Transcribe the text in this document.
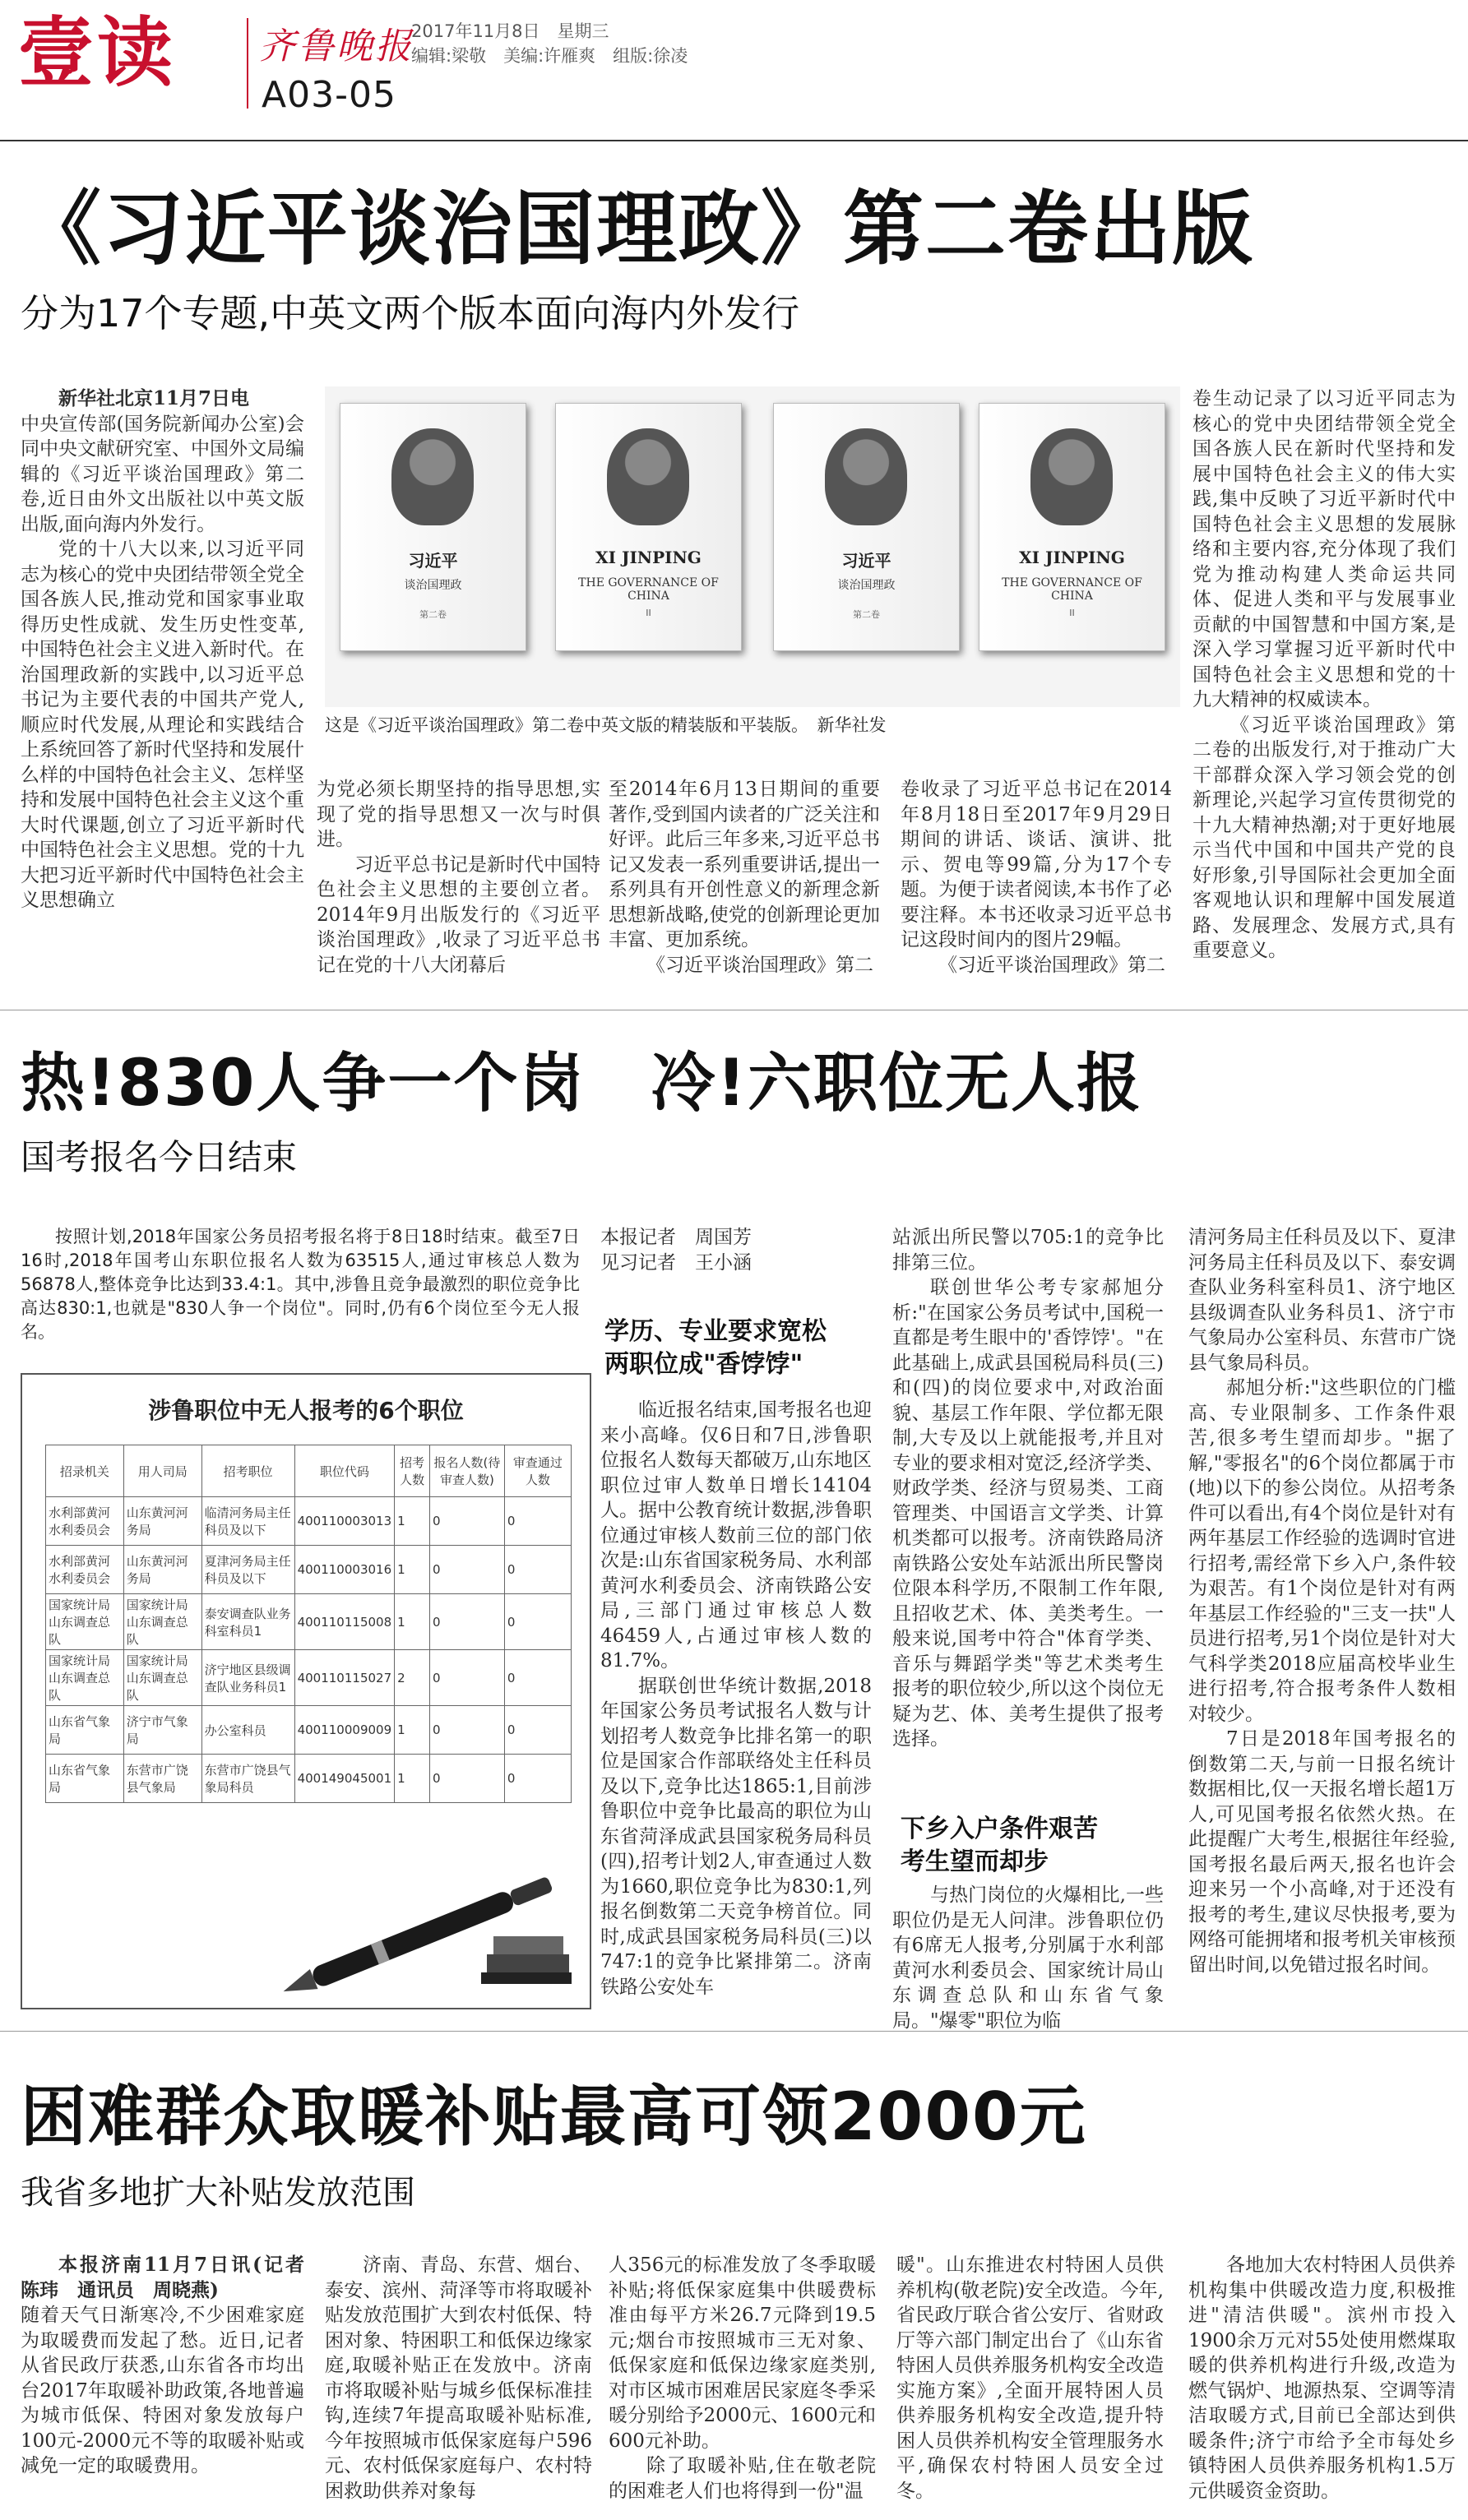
壹读 齐鲁晚报
A03-05
2017年11月8日　星期三
编辑:梁敬　美编:许雁爽　组版:徐凌
《习近平谈治国理政》第二卷出版
分为17个专题,中英文两个版本面向海内外发行

新华社北京11月7日电

中央宣传部(国务院新闻办公室)会同中央文献研究室、中国外文局编辑的《习近平谈治国理政》第二卷,近日由外文出版社以中英文版出版,面向海内外发行。

党的十八大以来,以习近平同志为核心的党中央团结带领全党全国各族人民,推动党和国家事业取得历史性成就、发生历史性变革,中国特色社会主义进入新时代。在治国理政新的实践中,以习近平总书记为主要代表的中国共产党人,顺应时代发展,从理论和实践结合上系统回答了新时代坚持和发展什么样的中国特色社会主义、怎样坚持和发展中国特色社会主义这个重大时代课题,创立了习近平新时代中国特色社会主义思想。党的十九大把习近平新时代中国特色社会主义思想确立

习近平
谈治国理政
第二卷
XI JINPING
THE GOVERNANCE OF CHINA
II
习近平
谈治国理政
第二卷
XI JINPING
THE GOVERNANCE OF CHINA
II
这是《习近平谈治国理政》第二卷中英文版的精装版和平装版。　新华社发

为党必须长期坚持的指导思想,实现了党的指导思想又一次与时俱进。

习近平总书记是新时代中国特色社会主义思想的主要创立者。2014年9月出版发行的《习近平谈治国理政》,收录了习近平总书记在党的十八大闭幕后

至2014年6月13日期间的重要著作,受到国内读者的广泛关注和好评。此后三年多来,习近平总书记又发表一系列重要讲话,提出一系列具有开创性意义的新理念新思想新战略,使党的创新理论更加丰富、更加系统。

《习近平谈治国理政》第二

卷收录了习近平总书记在2014年8月18日至2017年9月29日期间的讲话、谈话、演讲、批示、贺电等99篇,分为17个专题。为便于读者阅读,本书作了必要注释。本书还收录习近平总书记这段时间内的图片29幅。

《习近平谈治国理政》第二

卷生动记录了以习近平同志为核心的党中央团结带领全党全国各族人民在新时代坚持和发展中国特色社会主义的伟大实践,集中反映了习近平新时代中国特色社会主义思想的发展脉络和主要内容,充分体现了我们党为推动构建人类命运共同体、促进人类和平与发展事业贡献的中国智慧和中国方案,是深入学习掌握习近平新时代中国特色社会主义思想和党的十九大精神的权威读本。

《习近平谈治国理政》第二卷的出版发行,对于推动广大干部群众深入学习领会党的创新理论,兴起学习宣传贯彻党的十九大精神热潮;对于更好地展示当代中国和中国共产党的良好形象,引导国际社会更加全面客观地认识和理解中国发展道路、发展理念、发展方式,具有重要意义。

热!830人争一个岗　冷!六职位无人报
国考报名今日结束

按照计划,2018年国家公务员招考报名将于8日18时结束。截至7日16时,2018年国考山东职位报名人数为63515人,通过审核总人数为56878人,整体竞争比达到33.4:1。其中,涉鲁且竞争最激烈的职位竞争比高达830:1,也就是"830人争一个岗位"。同时,仍有6个岗位至今无人报名。

涉鲁职位中无人报考的6个职位
招录机关	用人司局	招考职位	职位代码	招考人数	报名人数(待审查人数)	审查通过人数
水利部黄河水利委员会	山东黄河河务局	临清河务局主任科员及以下	400110003013	1	0	0
水利部黄河水利委员会	山东黄河河务局	夏津河务局主任科员及以下	400110003016	1	0	0
国家统计局山东调查总队	国家统计局山东调查总队	泰安调查队业务科室科员1	400110115008	1	0	0
国家统计局山东调查总队	国家统计局山东调查总队	济宁地区县级调查队业务科员1	400110115027	2	0	0
山东省气象局	济宁市气象局	办公室科员	400110009009	1	0	0
山东省气象局	东营市广饶县气象局	东营市广饶县气象局科员	400149045001	1	0	0

本报记者　周国芳

见习记者　王小涵

学历、专业要求宽松
两职位成"香饽饽"

临近报名结束,国考报名也迎来小高峰。仅6日和7日,涉鲁职位报名人数每天都破万,山东地区职位过审人数单日增长14104人。据中公教育统计数据,涉鲁职位通过审核人数前三位的部门依次是:山东省国家税务局、水利部黄河水利委员会、济南铁路公安局,三部门通过审核总人数46459人,占通过审核人数的81.7%。

据联创世华统计数据,2018年国家公务员考试报名人数与计划招考人数竞争比排名第一的职位是国家合作部联络处主任科员及以下,竞争比达1865:1,目前涉鲁职位中竞争比最高的职位为山东省菏泽成武县国家税务局科员(四),招考计划2人,审查通过人数为1660,职位竞争比为830:1,列报名倒数第二天竞争榜首位。同时,成武县国家税务局科员(三)以747:1的竞争比紧排第二。济南铁路公安处车

站派出所民警以705:1的竞争比排第三位。

联创世华公考专家郝旭分析:"在国家公务员考试中,国税一直都是考生眼中的'香饽饽'。"在此基础上,成武县国税局科员(三)和(四)的岗位要求中,对政治面貌、基层工作年限、学位都无限制,大专及以上就能报考,并且对专业的要求相对宽泛,经济学类、财政学类、经济与贸易类、工商管理类、中国语言文学类、计算机类都可以报考。济南铁路局济南铁路公安处车站派出所民警岗位限本科学历,不限制工作年限,且招收艺术、体、美类考生。一般来说,国考中符合"体育学类、音乐与舞蹈学类"等艺术类考生报考的职位较少,所以这个岗位无疑为艺、体、美考生提供了报考选择。

下乡入户条件艰苦
考生望而却步

与热门岗位的火爆相比,一些职位仍是无人问津。涉鲁职位仍有6席无人报考,分别属于水利部黄河水利委员会、国家统计局山东调查总队和山东省气象局。"爆零"职位为临

清河务局主任科员及以下、夏津河务局主任科员及以下、泰安调查队业务科室科员1、济宁地区县级调查队业务科员1、济宁市气象局办公室科员、东营市广饶县气象局科员。

郝旭分析:"这些职位的门槛高、专业限制多、工作条件艰苦,很多考生望而却步。"据了解,"零报名"的6个岗位都属于市(地)以下的参公岗位。从招考条件可以看出,有4个岗位是针对有两年基层工作经验的选调时官进行招考,需经常下乡入户,条件较为艰苦。有1个岗位是针对有两年基层工作经验的"三支一扶"人员进行招考,另1个岗位是针对大气科学类2018应届高校毕业生进行招考,符合报考条件人数相对较少。

7日是2018年国考报名的倒数第二天,与前一日报名统计数据相比,仅一天报名增长超1万人,可见国考报名依然火热。在此提醒广大考生,根据往年经验,国考报名最后两天,报名也许会迎来另一个小高峰,对于还没有报考的考生,建议尽快报考,要为网络可能拥堵和报考机关审核预留出时间,以免错过报名时间。

困难群众取暖补贴最高可领2000元
我省多地扩大补贴发放范围

本报济南11月7日讯(记者　陈玮　通讯员　周晓燕)

随着天气日渐寒冷,不少困难家庭为取暖费而发起了愁。近日,记者从省民政厅获悉,山东省各市均出台2017年取暖补助政策,各地普遍为城市低保、特困对象发放每户100元-2000元不等的取暖补贴或减免一定的取暖费用。

济南、青岛、东营、烟台、泰安、滨州、菏泽等市将取暖补贴发放范围扩大到农村低保、特困对象、特困职工和低保边缘家庭,取暖补贴正在发放中。济南市将取暖补贴与城乡低保标准挂钩,连续7年提高取暖补贴标准,今年按照城市低保家庭每户596元、农村低保家庭每户、农村特困救助供养对象每

人356元的标准发放了冬季取暖补贴;将低保家庭集中供暖费标准由每平方米26.7元降到19.5元;烟台市按照城市三无对象、低保家庭和低保边缘家庭类别,对市区城市困难居民家庭冬季采暖分别给予2000元、1600元和600元补助。

除了取暖补贴,住在敬老院的困难老人们也将得到一份"温

暖"。山东推进农村特困人员供养机构(敬老院)安全改造。今年,省民政厅联合省公安厅、省财政厅等六部门制定出台了《山东省特困人员供养服务机构安全改造实施方案》,全面开展特困人员供养服务机构安全改造,提升特困人员供养机构安全管理服务水平,确保农村特困人员安全过冬。

各地加大农村特困人员供养机构集中供暖改造力度,积极推进"清洁供暖"。滨州市投入1900余万元对55处使用燃煤取暖的供养机构进行升级,改造为燃气锅炉、地源热泵、空调等清洁取暖方式,目前已全部达到供暖条件;济宁市给予全市每处乡镇特困人员供养服务机构1.5万元供暖资金资助。
